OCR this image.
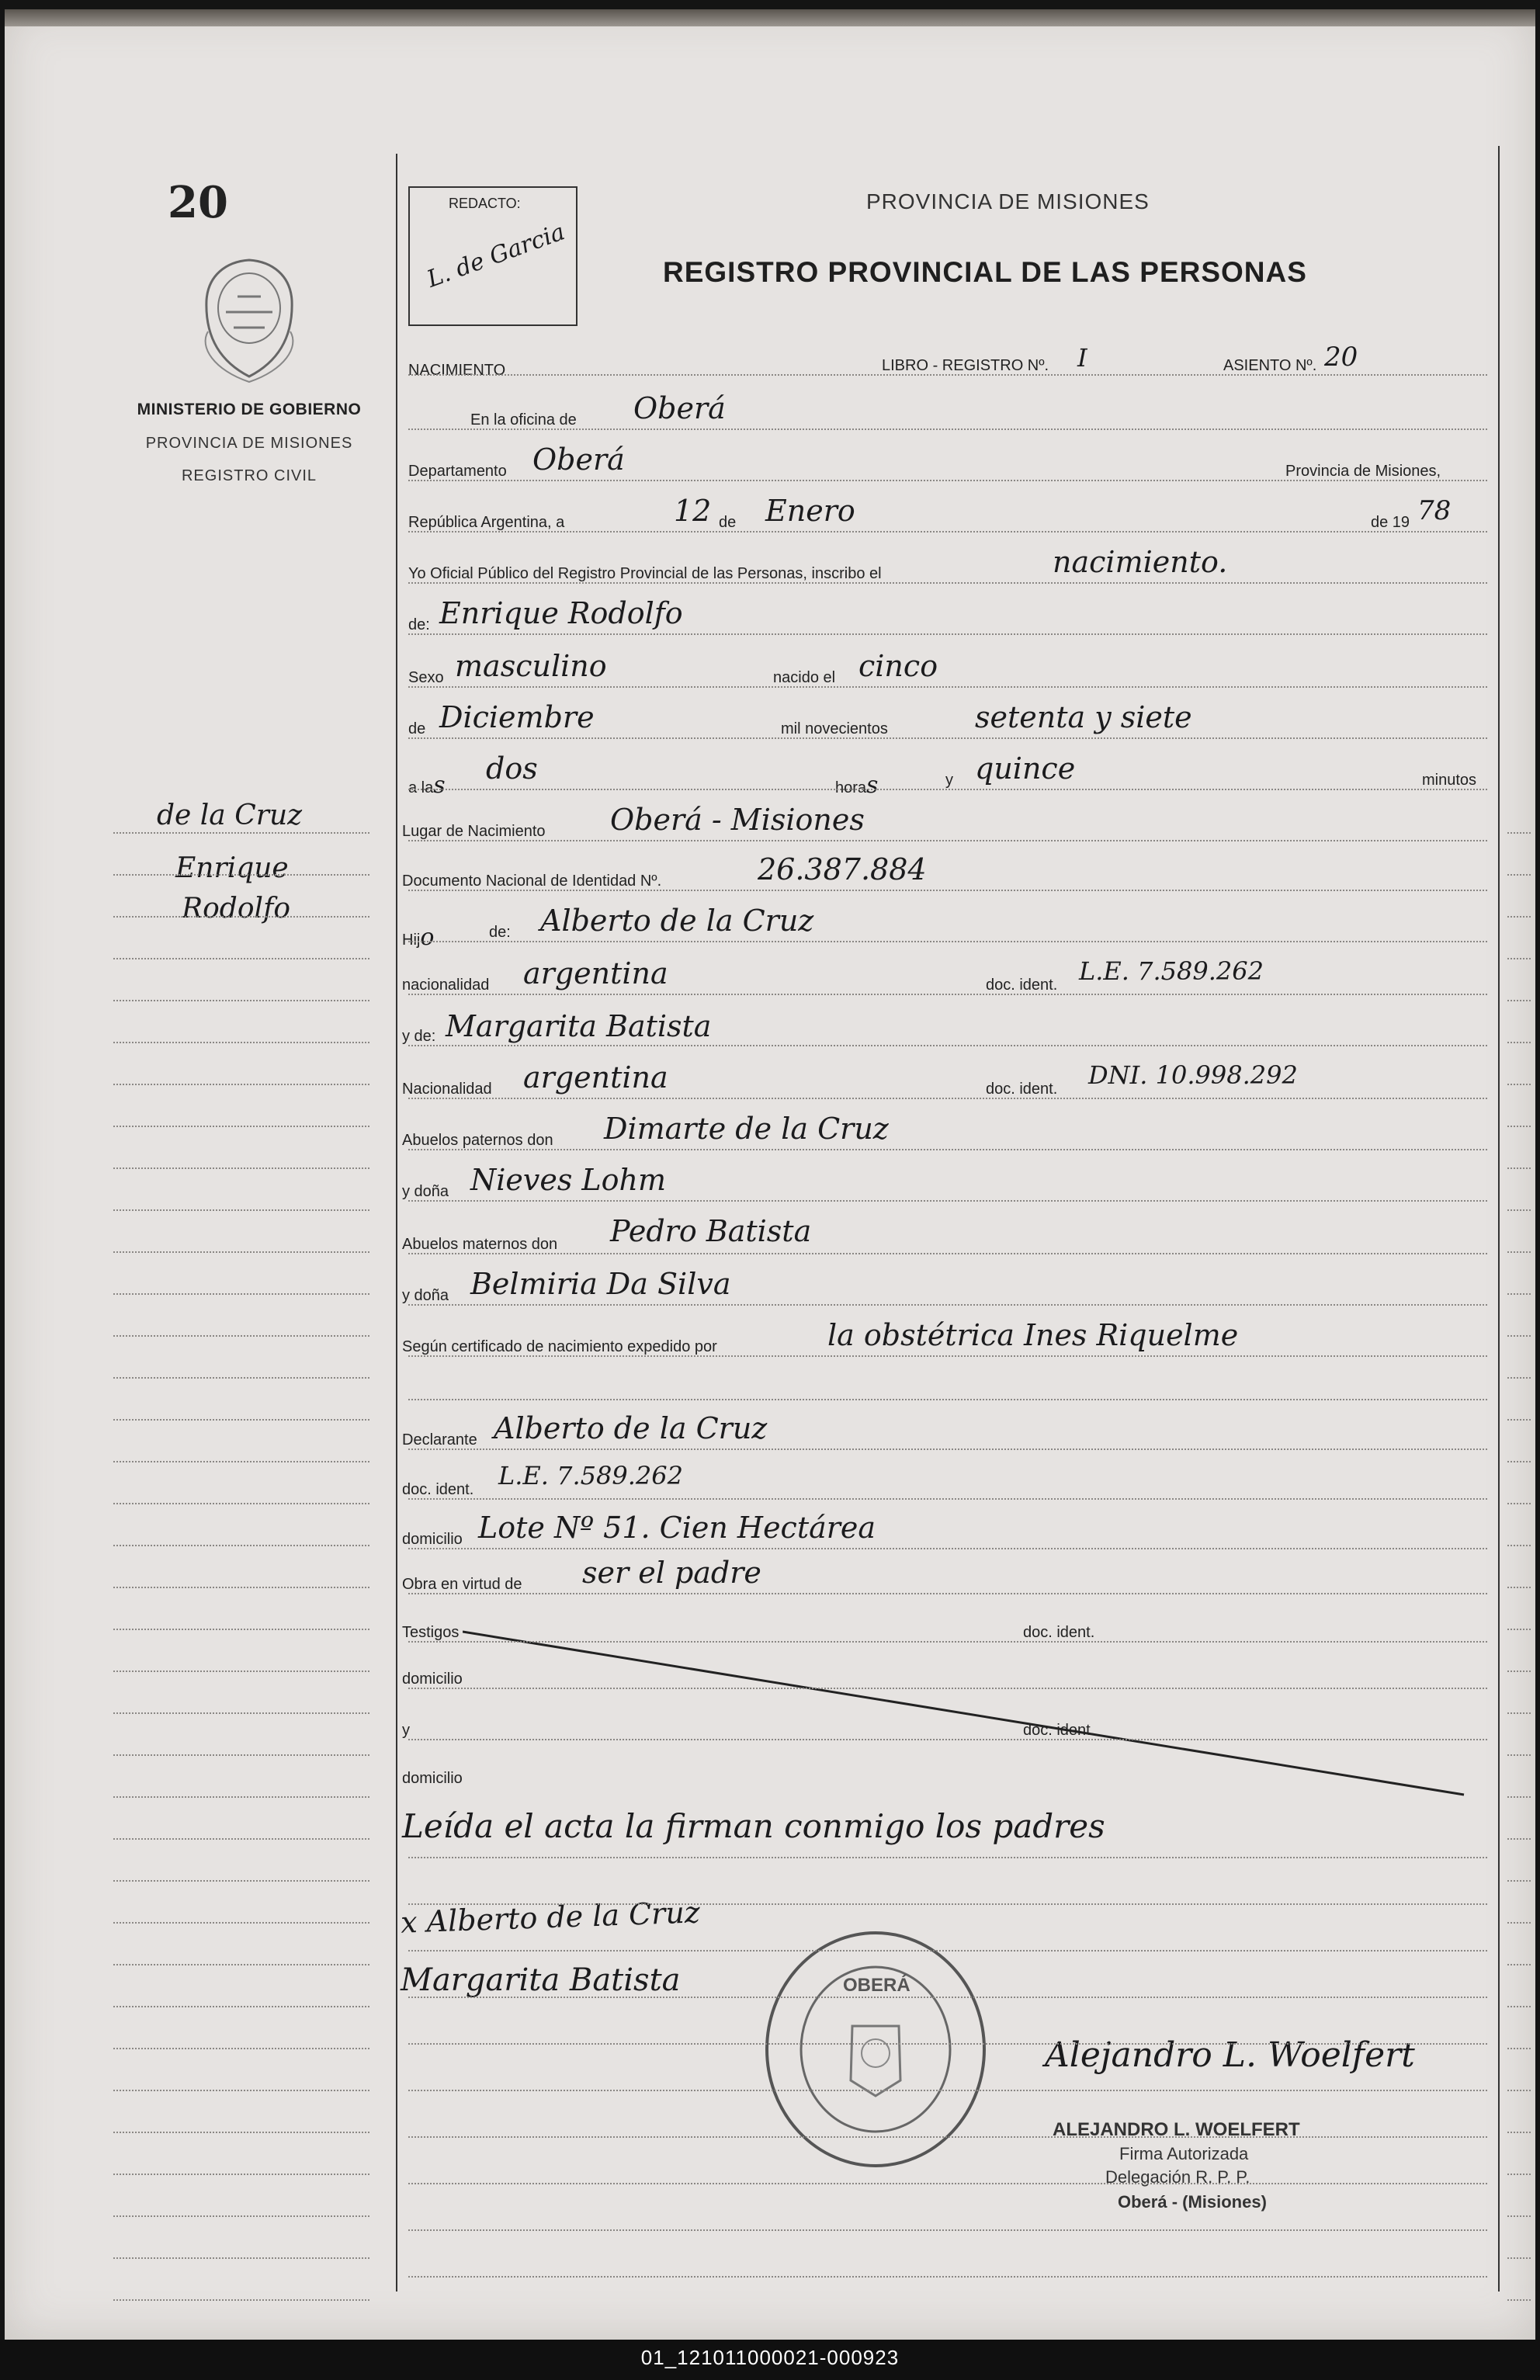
20
MINISTERIO DE GOBIERNO
PROVINCIA DE MISIONES
REGISTRO CIVIL
de la Cruz
Enrique
Rodolfo
REDACTO:
L. de Garcia
PROVINCIA DE MISIONES
REGISTRO PROVINCIAL DE LAS PERSONAS
NACIMIENTO	LIBRO - REGISTRO Nº. I	ASIENTO Nº. 20
En la oficina de Oberá
Departamento Oberá	Provincia de Misiones,
República Argentina, a	12 de Enero	de 19 78
Yo Oficial Público del Registro Provincial de las Personas, inscribo el	nacimiento.
de: Enrique Rodolfo
Sexo masculino	nacido el cinco
de Diciembre	mil novecientos	setenta y siete
a las dos
horas	y quince	minutos
Lugar de Nacimiento Oberá - Misiones
Documento Nacional de Identidad Nº.	26.387.884
Hijo	de: Alberto de la Cruz
nacionalidad argentina	doc. ident. L.E. 7.589.262
y de: Margarita Batista
Nacionalidad argentina	doc. ident. DNI. 10.998.292
Abuelos paternos don Dimarte de la Cruz
y doña Nieves Lohm
Abuelos maternos don Pedro Batista
y doña Belmiria Da Silva
Según certificado de nacimiento expedido por	la obstétrica Ines Riquelme
Declarante Alberto de la Cruz
doc. ident. L.E. 7.589.262
domicilio Lote Nº 51. Cien Hectárea
Obra en virtud de ser el padre
Testigos	doc. ident.
domicilio
y	doc. ident.
domicilio
Leída el acta la firman conmigo los padres
x Alberto de la Cruz
Margarita Batista	OBERÁ
Alejandro L. Woelfert
ALEJANDRO L. WOELFERT
Firma Autorizada
Delegación R. P. P.
Oberá - (Misiones)
01_121011000021-000923
